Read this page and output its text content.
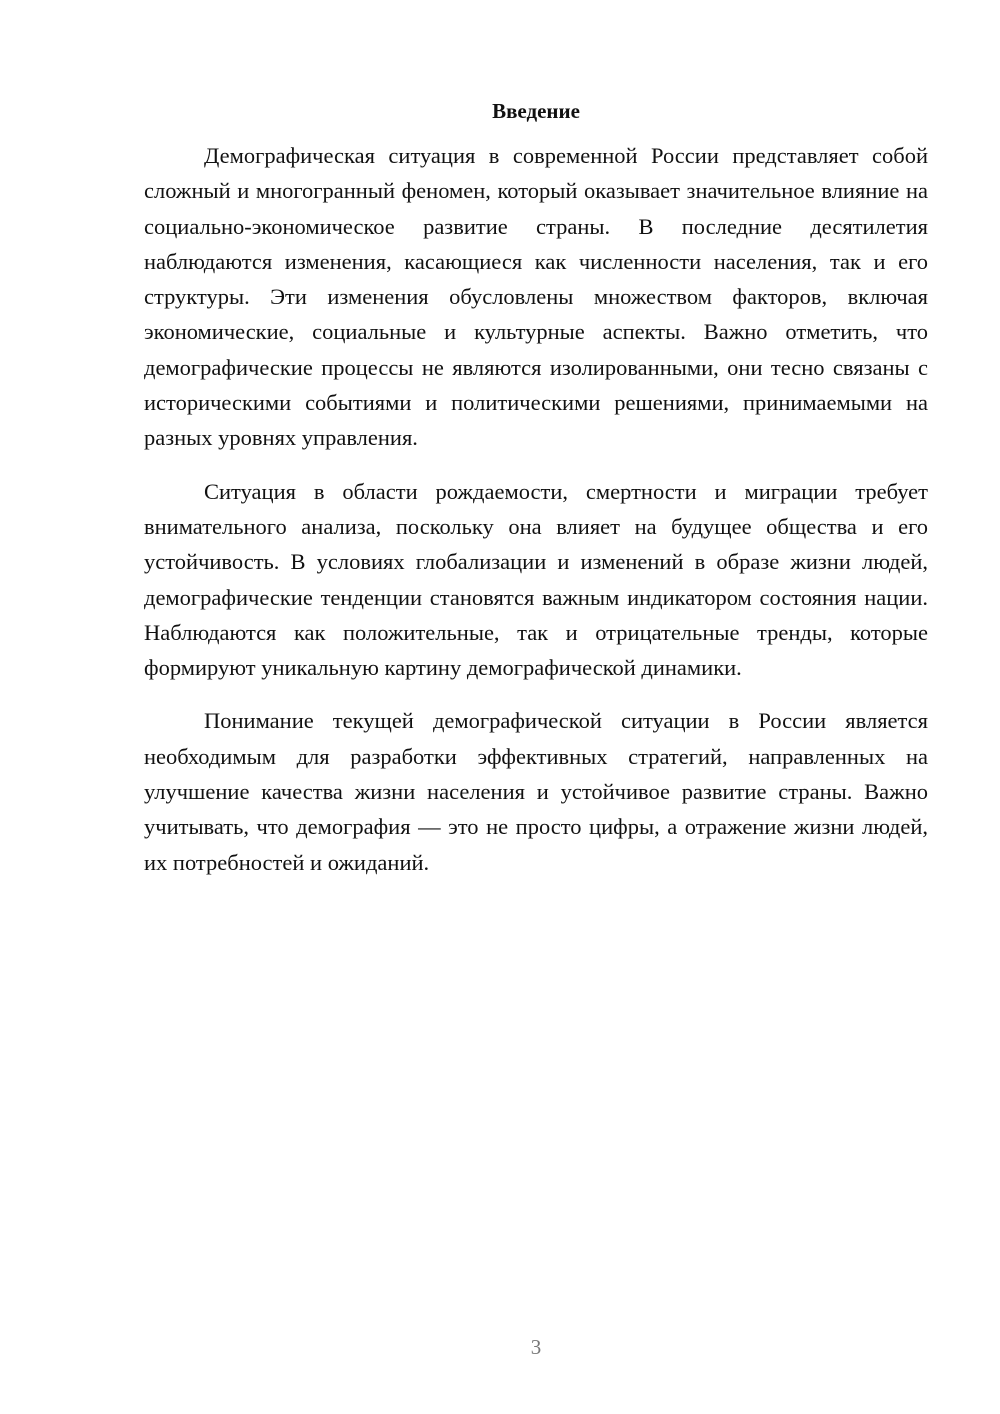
Введение

Демографическая ситуация в современной России представляет собой сложный и многогранный феномен, который оказывает значительное влияние на социально-экономическое развитие страны. В последние десятилетия наблюдаются изменения, касающиеся как численности населения, так и его структуры. Эти изменения обусловлены множеством факторов, включая экономические, социальные и культурные аспекты. Важно отметить, что демографические процессы не являются изолированными, они тесно связаны с историческими событиями и политическими решениями, принимаемыми на разных уровнях управления.

Ситуация в области рождаемости, смертности и миграции требует внимательного анализа, поскольку она влияет на будущее общества и его устойчивость. В условиях глобализации и изменений в образе жизни людей, демографические тенденции становятся важным индикатором состояния нации. Наблюдаются как положительные, так и отрицательные тренды, которые формируют уникальную картину демографической динамики.

Понимание текущей демографической ситуации в России является необходимым для разработки эффективных стратегий, направленных на улучшение качества жизни населения и устойчивое развитие страны. Важно учитывать, что демография — это не просто цифры, а отражение жизни людей, их потребностей и ожиданий.

3
